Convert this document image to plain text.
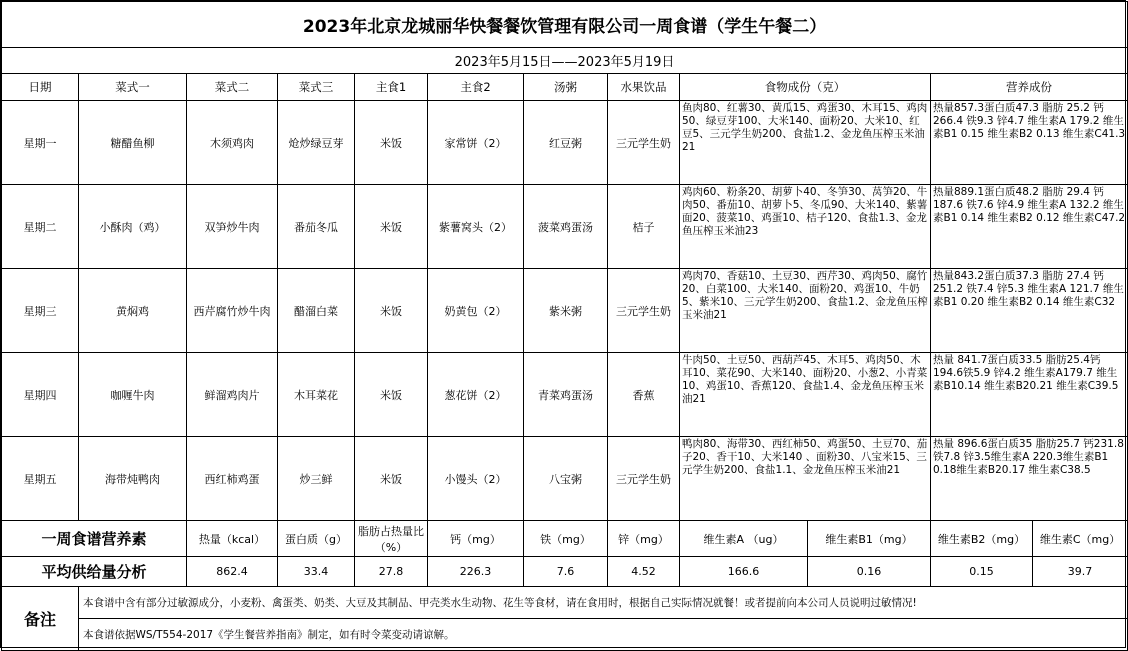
2023年北京龙城丽华快餐餐饮管理有限公司一周食谱（学生午餐二）											
2023年5月15日——2023年5月19日											
日期	菜式一	菜式二	菜式三	主食1	主食2	汤粥	水果饮品	食物成份（克）		营养成份	
星期一	糖醋鱼柳	木须鸡肉	炝炒绿豆芽	米饭	家常饼（2）	红豆粥	三元学生奶	鱼肉80、红薯30、黄瓜15、鸡蛋30、木耳15、鸡肉50、绿豆芽100、大米140、面粉20、大米10、红豆5、三元学生奶200、食盐1.2、金龙鱼压榨玉米油21		热量857.3蛋白质47.3 脂肪 25.2 钙 266.4 铁9.3 锌4.7 维生素A 179.2 维生素B1 0.15 维生素B2 0.13 维生素C41.3	
星期二	小酥肉（鸡）	双笋炒牛肉	番茄冬瓜	米饭	紫薯窝头（2）	菠菜鸡蛋汤	桔子	鸡肉60、粉条20、胡萝卜40、冬笋30、莴笋20、牛肉50、番茄10、胡萝卜5、冬瓜90、大米140、紫薯面20、菠菜10、鸡蛋10、桔子120、食盐1.3、金龙鱼压榨玉米油23		热量889.1蛋白质48.2 脂肪 29.4 钙 187.6 铁7.6 锌4.9 维生素A 132.2 维生素B1 0.14 维生素B2 0.12 维生素C47.2	
星期三	黄焖鸡	西芹腐竹炒牛肉	醋溜白菜	米饭	奶黄包（2）	紫米粥	三元学生奶	鸡肉70、香菇10、土豆30、西芹30、鸡肉50、腐竹20、白菜100、大米140、面粉20、鸡蛋10、牛奶5、紫米10、三元学生奶200、食盐1.2、金龙鱼压榨玉米油21		热量843.2蛋白质37.3 脂肪 27.4 钙 251.2 铁7.4 锌5.3 维生素A 121.7 维生素B1 0.20 维生素B2 0.14 维生素C32	
星期四	咖喱牛肉	鲜溜鸡肉片	木耳菜花	米饭	葱花饼（2）	青菜鸡蛋汤	香蕉	牛肉50、土豆50、西葫芦45、木耳5、鸡肉50、木耳10、菜花90、大米140、面粉20、小葱2、小青菜10、鸡蛋10、香蕉120、食盐1.4、金龙鱼压榨玉米油21		热量 841.7蛋白质33.5 脂肪25.4钙194.6铁5.9 锌4.2 维生素A179.7 维生素B10.14 维生素B20.21 维生素C39.5	
星期五	海带炖鸭肉	西红柿鸡蛋	炒三鲜	米饭	小馒头（2）	八宝粥	三元学生奶	鸭肉80、海带30、西红柿50、鸡蛋50、土豆70、茄子20、香干10、大米140 、面粉30、八宝米15、三元学生奶200、食盐1.1、金龙鱼压榨玉米油21		热量 896.6蛋白质35 脂肪25.7 钙231.8铁7.8 锌3.5维生素A 220.3维生素B1 0.18维生素B20.17 维生素C38.5	
一周食谱营养素		热量（kcal）	蛋白质（g）	脂肪占热量比（%）	钙（mg）	铁（mg）	锌（mg）	维生素A （ug）	维生素B1（mg）	维生素B2（mg）	维生素C（mg）
平均供给量分析		862.4	33.4	27.8	226.3	7.6	4.52	166.6	0.16	0.15	39.7
备注	本食谱中含有部分过敏源成分，小麦粉、禽蛋类、奶类、大豆及其制品、甲壳类水生动物、花生等食材，请在食用时，根据自己实际情况就餐！或者提前向本公司人员说明过敏情况!										
	本食谱依据WS/T554-2017《学生餐营养指南》制定，如有时令菜变动请谅解。										
